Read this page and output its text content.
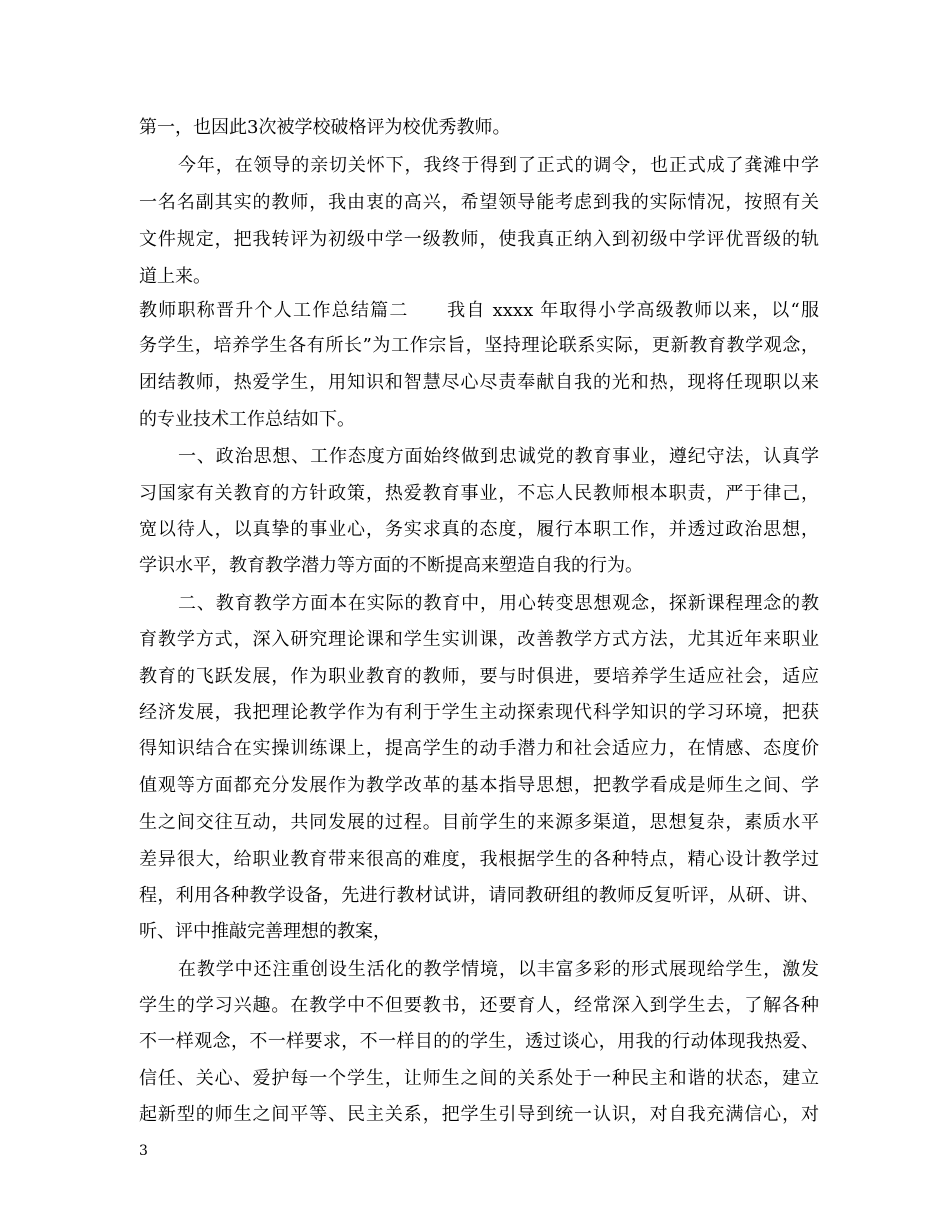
第一，也因此3次被学校破格评为校优秀教师。
今年，在领导的亲切关怀下，我终于得到了正式的调令，也正式成了龚滩中学
一名名副其实的教师，我由衷的高兴，希望领导能考虑到我的实际情况，按照有关
文件规定，把我转评为初级中学一级教师，使我真正纳入到初级中学评优晋级的轨
道上来。
教师职称晋升个人工作总结篇二　　我自 xxxx 年取得小学高级教师以来，以“服
务学生，培养学生各有所长”为工作宗旨，坚持理论联系实际，更新教育教学观念，
团结教师，热爱学生，用知识和智慧尽心尽责奉献自我的光和热，现将任现职以来
的专业技术工作总结如下。
一、政治思想、工作态度方面始终做到忠诚党的教育事业，遵纪守法，认真学
习国家有关教育的方针政策，热爱教育事业，不忘人民教师根本职责，严于律己，
宽以待人，以真挚的事业心，务实求真的态度，履行本职工作，并透过政治思想，
学识水平，教育教学潜力等方面的不断提高来塑造自我的行为。
二、教育教学方面本在实际的教育中，用心转变思想观念，探新课程理念的教
育教学方式，深入研究理论课和学生实训课，改善教学方式方法，尤其近年来职业
教育的飞跃发展，作为职业教育的教师，要与时俱进，要培养学生适应社会，适应
经济发展，我把理论教学作为有利于学生主动探索现代科学知识的学习环境，把获
得知识结合在实操训练课上，提高学生的动手潜力和社会适应力，在情感、态度价
值观等方面都充分发展作为教学改革的基本指导思想，把教学看成是师生之间、学
生之间交往互动，共同发展的过程。目前学生的来源多渠道，思想复杂，素质水平
差异很大，给职业教育带来很高的难度，我根据学生的各种特点，精心设计教学过
程，利用各种教学设备，先进行教材试讲，请同教研组的教师反复听评，从研、讲、
听、评中推敲完善理想的教案，
在教学中还注重创设生活化的教学情境，以丰富多彩的形式展现给学生，激发
学生的学习兴趣。在教学中不但要教书，还要育人，经常深入到学生去，了解各种
不一样观念，不一样要求，不一样目的的学生，透过谈心，用我的行动体现我热爱、
信任、关心、爱护每一个学生，让师生之间的关系处于一种民主和谐的状态，建立
起新型的师生之间平等、民主关系，把学生引导到统一认识，对自我充满信心，对
3
